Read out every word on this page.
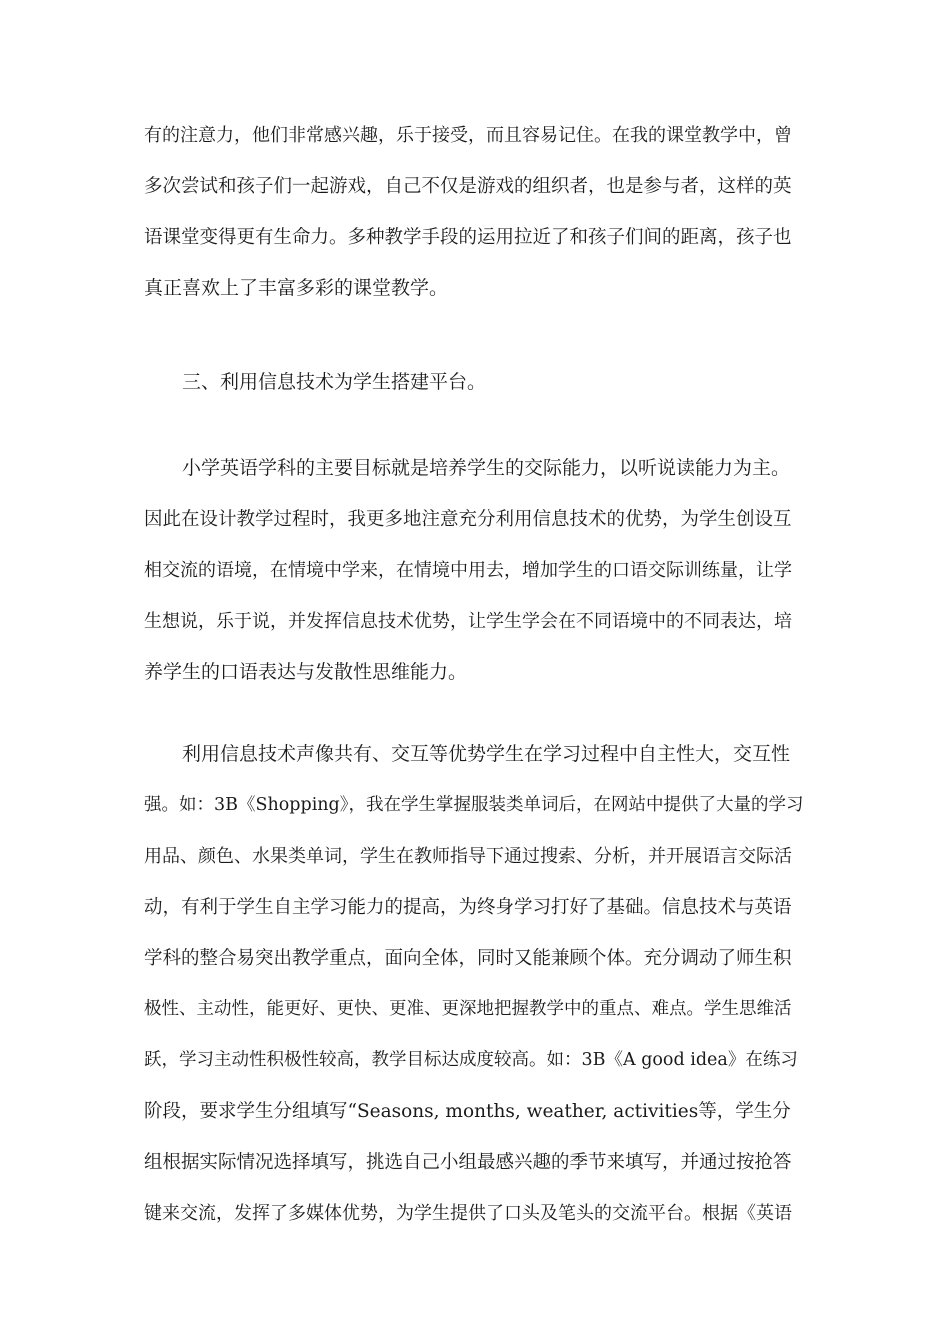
有的注意力，他们非常感兴趣，乐于接受，而且容易记住。在我的课堂教学中，曾
多次尝试和孩子们一起游戏，自己不仅是游戏的组织者，也是参与者，这样的英
语课堂变得更有生命力。多种教学手段的运用拉近了和孩子们间的距离，孩子也
真正喜欢上了丰富多彩的课堂教学。

三、利用信息技术为学生搭建平台。

小学英语学科的主要目标就是培养学生的交际能力，以听说读能力为主。
因此在设计教学过程时，我更多地注意充分利用信息技术的优势，为学生创设互
相交流的语境，在情境中学来，在情境中用去，增加学生的口语交际训练量，让学
生想说，乐于说，并发挥信息技术优势，让学生学会在不同语境中的不同表达，培
养学生的口语表达与发散性思维能力。

利用信息技术声像共有、交互等优势学生在学习过程中自主性大，交互性
强。如：3B《Shopping》，我在学生掌握服装类单词后，在网站中提供了大量的学习
用品、颜色、水果类单词，学生在教师指导下通过搜索、分析，并开展语言交际活
动，有利于学生自主学习能力的提高，为终身学习打好了基础。信息技术与英语
学科的整合易突出教学重点，面向全体，同时又能兼顾个体。充分调动了师生积
极性、主动性，能更好、更快、更准、更深地把握教学中的重点、难点。学生思维活
跃，学习主动性积极性较高，教学目标达成度较高。如：3B《A good idea》在练习
阶段，要求学生分组填写“Seasons, months, weather, activities等，学生分
组根据实际情况选择填写，挑选自己小组最感兴趣的季节来填写，并通过按抢答
键来交流，发挥了多媒体优势，为学生提供了口头及笔头的交流平台。根据《英语
